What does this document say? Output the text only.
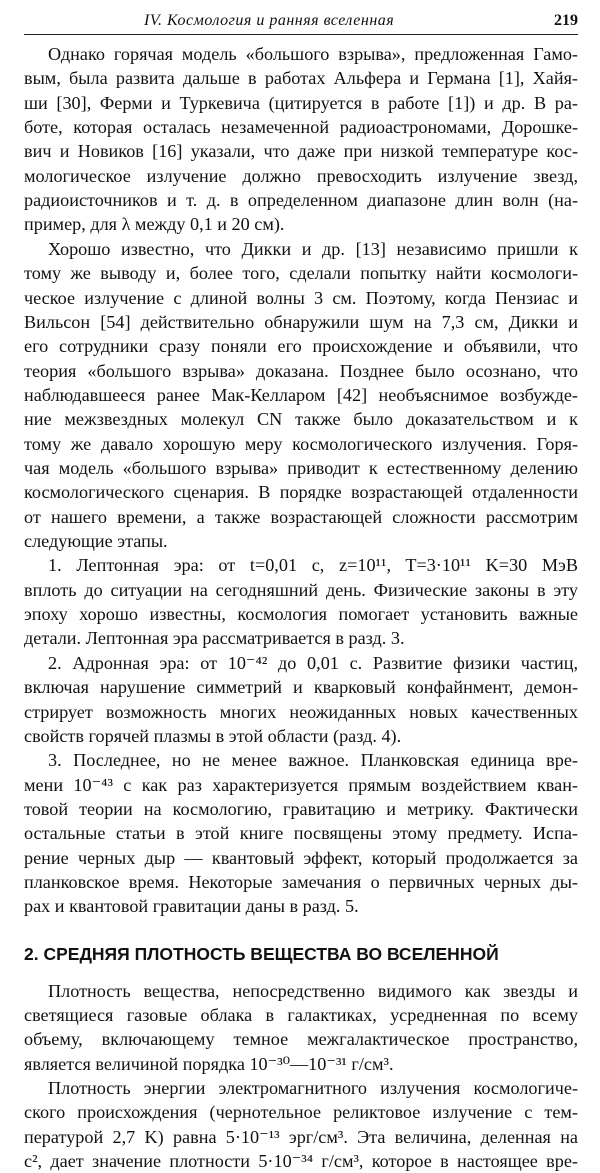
IV. Космология и ранняя вселенная	219
Однако горячая модель «большого взрыва», предложенная Гамо-
вым, была развита дальше в работах Альфера и Германа [1], Хайя-
ши [30], Ферми и Туркевича (цитируется в работе [1]) и др. В ра-
боте, которая осталась незамеченной радиоастрономами, Дорошке-
вич и Новиков [16] указали, что даже при низкой температуре кос-
мологическое излучение должно превосходить излучение звезд,
радиоисточников и т. д. в определенном диапазоне длин волн (на-
пример, для λ между 0,1 и 20 см).
Хорошо известно, что Дикки и др. [13] независимо пришли к
тому же выводу и, более того, сделали попытку найти космологи-
ческое излучение с длиной волны 3 см. Поэтому, когда Пензиас и
Вильсон [54] действительно обнаружили шум на 7,3 см, Дикки и
его сотрудники сразу поняли его происхождение и объявили, что
теория «большого взрыва» доказана. Позднее было осознано, что
наблюдавшееся ранее Мак-Келларом [42] необъяснимое возбужде-
ние межзвездных молекул CN также было доказательством и к
тому же давало хорошую меру космологического излучения. Горя-
чая модель «большого взрыва» приводит к естественному делению
космологического сценария. В порядке возрастающей отдаленности
от нашего времени, а также возрастающей сложности рассмотрим
следующие этапы.
1. Лептонная эра: от t=0,01 с, z=10¹¹, T=3·10¹¹ K=30 МэВ
вплоть до ситуации на сегодняшний день. Физические законы в эту
эпоху хорошо известны, космология помогает установить важные
детали. Лептонная эра рассматривается в разд. 3.
2. Адронная эра: от 10⁻⁴² до 0,01 с. Развитие физики частиц,
включая нарушение симметрий и кварковый конфайнмент, демон-
стрирует возможность многих неожиданных новых качественных
свойств горячей плазмы в этой области (разд. 4).
3. Последнее, но не менее важное. Планковская единица вре-
мени 10⁻⁴³ с как раз характеризуется прямым воздействием кван-
товой теории на космологию, гравитацию и метрику. Фактически
остальные статьи в этой книге посвящены этому предмету. Испа-
рение черных дыр — квантовый эффект, который продолжается за
планковское время. Некоторые замечания о первичных черных ды-
рах и квантовой гравитации даны в разд. 5.
2. СРЕДНЯЯ ПЛОТНОСТЬ ВЕЩЕСТВА ВО ВСЕЛЕННОЙ
Плотность вещества, непосредственно видимого как звезды и
светящиеся газовые облака в галактиках, усредненная по всему
объему, включающему темное межгалактическое пространство,
является величиной порядка 10⁻³⁰—10⁻³¹ г/см³.
Плотность энергии электромагнитного излучения космологиче-
ского происхождения (чернотельное реликтовое излучение с тем-
пературой 2,7 K) равна 5·10⁻¹³ эрг/см³. Эта величина, деленная на
c², дает значение плотности 5·10⁻³⁴ г/см³, которое в настоящее вре-
